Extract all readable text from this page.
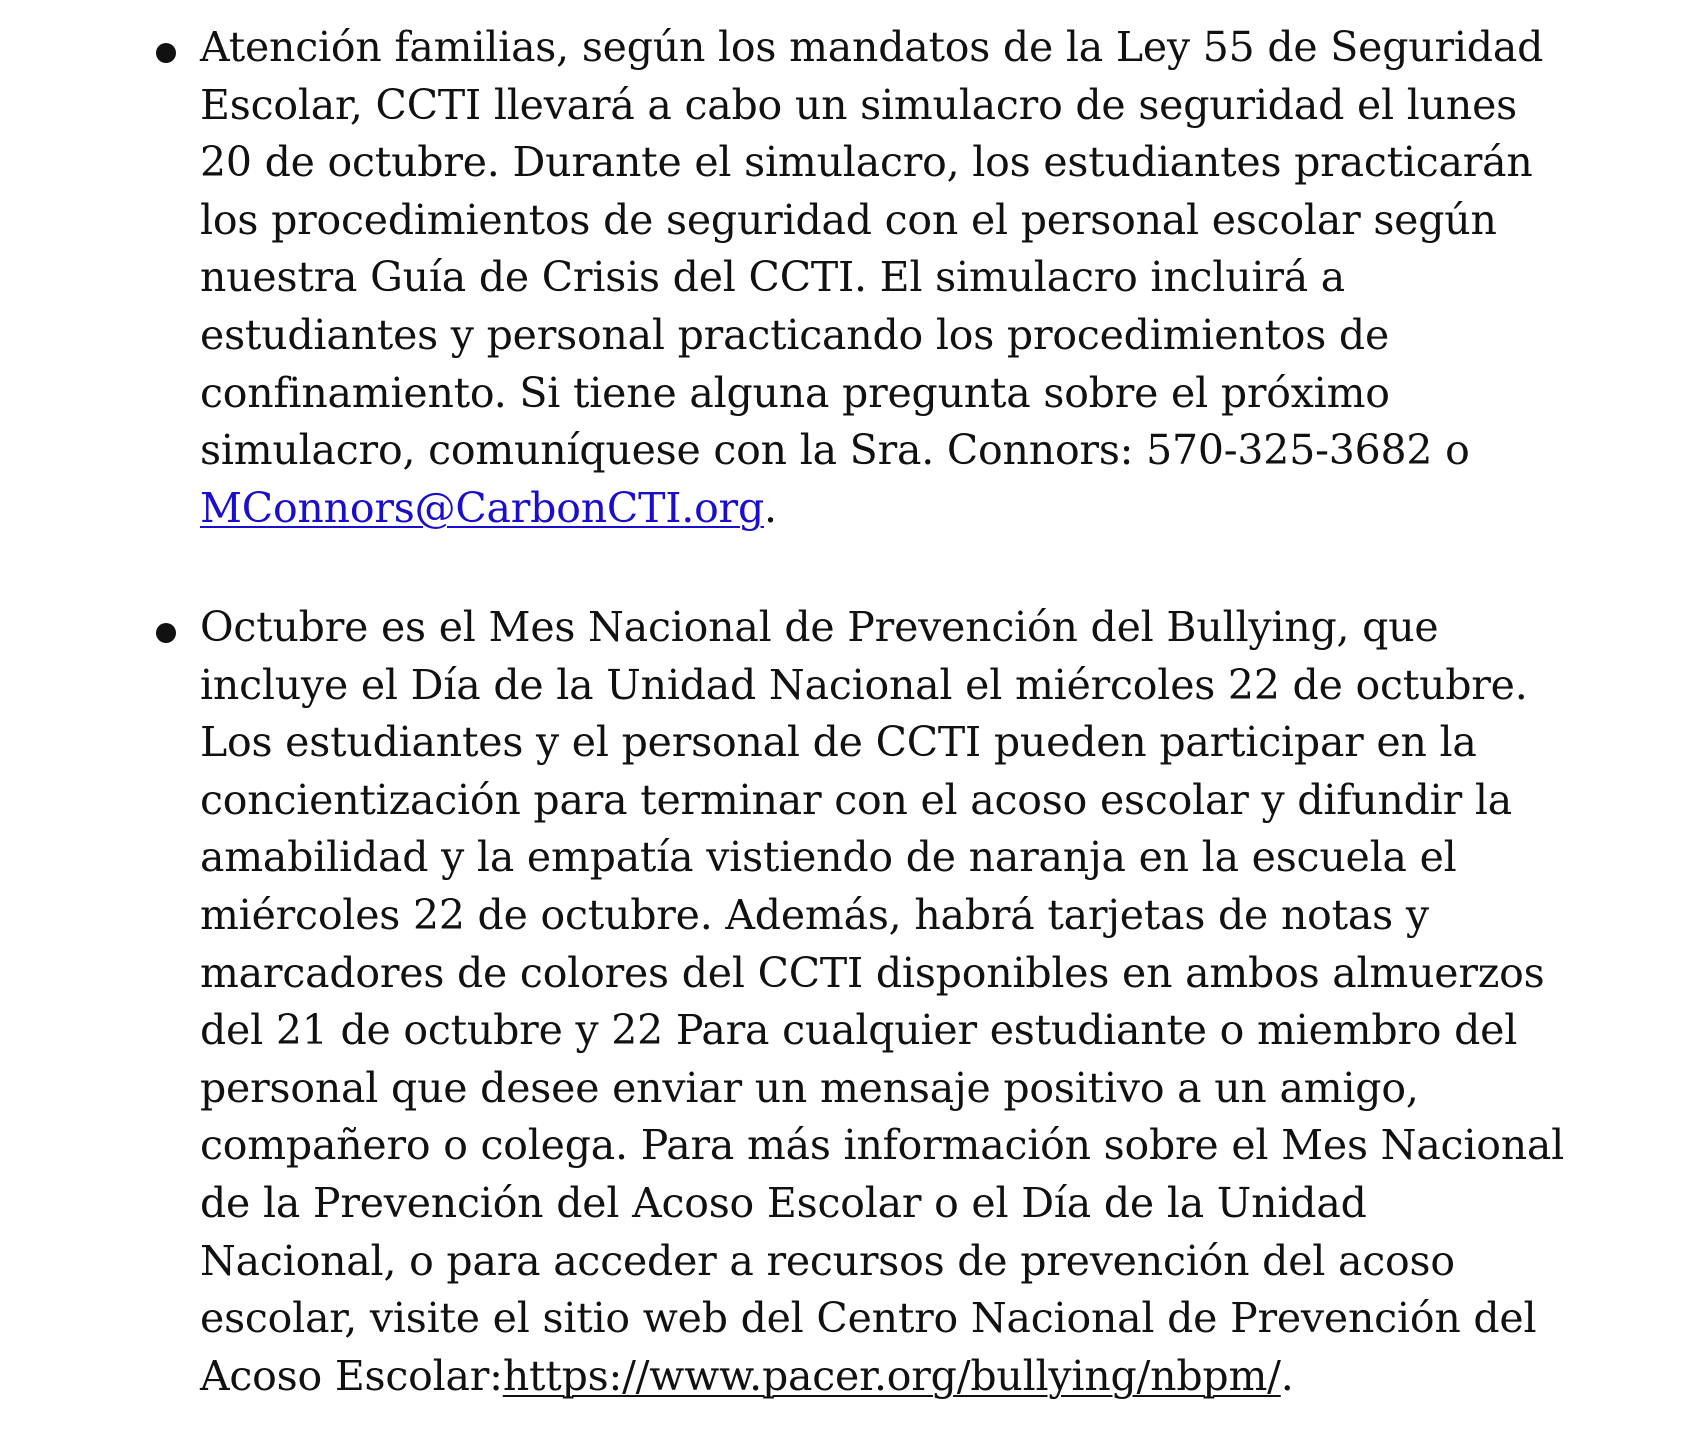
Atención familias, según los mandatos de la Ley 55 de Seguridad
Escolar, CCTI llevará a cabo un simulacro de seguridad el lunes
20 de octubre. Durante el simulacro, los estudiantes practicarán
los procedimientos de seguridad con el personal escolar según
nuestra Guía de Crisis del CCTI. El simulacro incluirá a
estudiantes y personal practicando los procedimientos de
confinamiento. Si tiene alguna pregunta sobre el próximo
simulacro, comuníquese con la Sra. Connors: 570-325-3682 o
MConnors@CarbonCTI.org.
Octubre es el Mes Nacional de Prevención del Bullying, que
incluye el Día de la Unidad Nacional el miércoles 22 de octubre.
Los estudiantes y el personal de CCTI pueden participar en la
concientización para terminar con el acoso escolar y difundir la
amabilidad y la empatía vistiendo de naranja en la escuela el
miércoles 22 de octubre. Además, habrá tarjetas de notas y
marcadores de colores del CCTI disponibles en ambos almuerzos
del 21 de octubre y 22 Para cualquier estudiante o miembro del
personal que desee enviar un mensaje positivo a un amigo,
compañero o colega. Para más información sobre el Mes Nacional
de la Prevención del Acoso Escolar o el Día de la Unidad
Nacional, o para acceder a recursos de prevención del acoso
escolar, visite el sitio web del Centro Nacional de Prevención del
Acoso Escolar:https://www.pacer.org/bullying/nbpm/.
